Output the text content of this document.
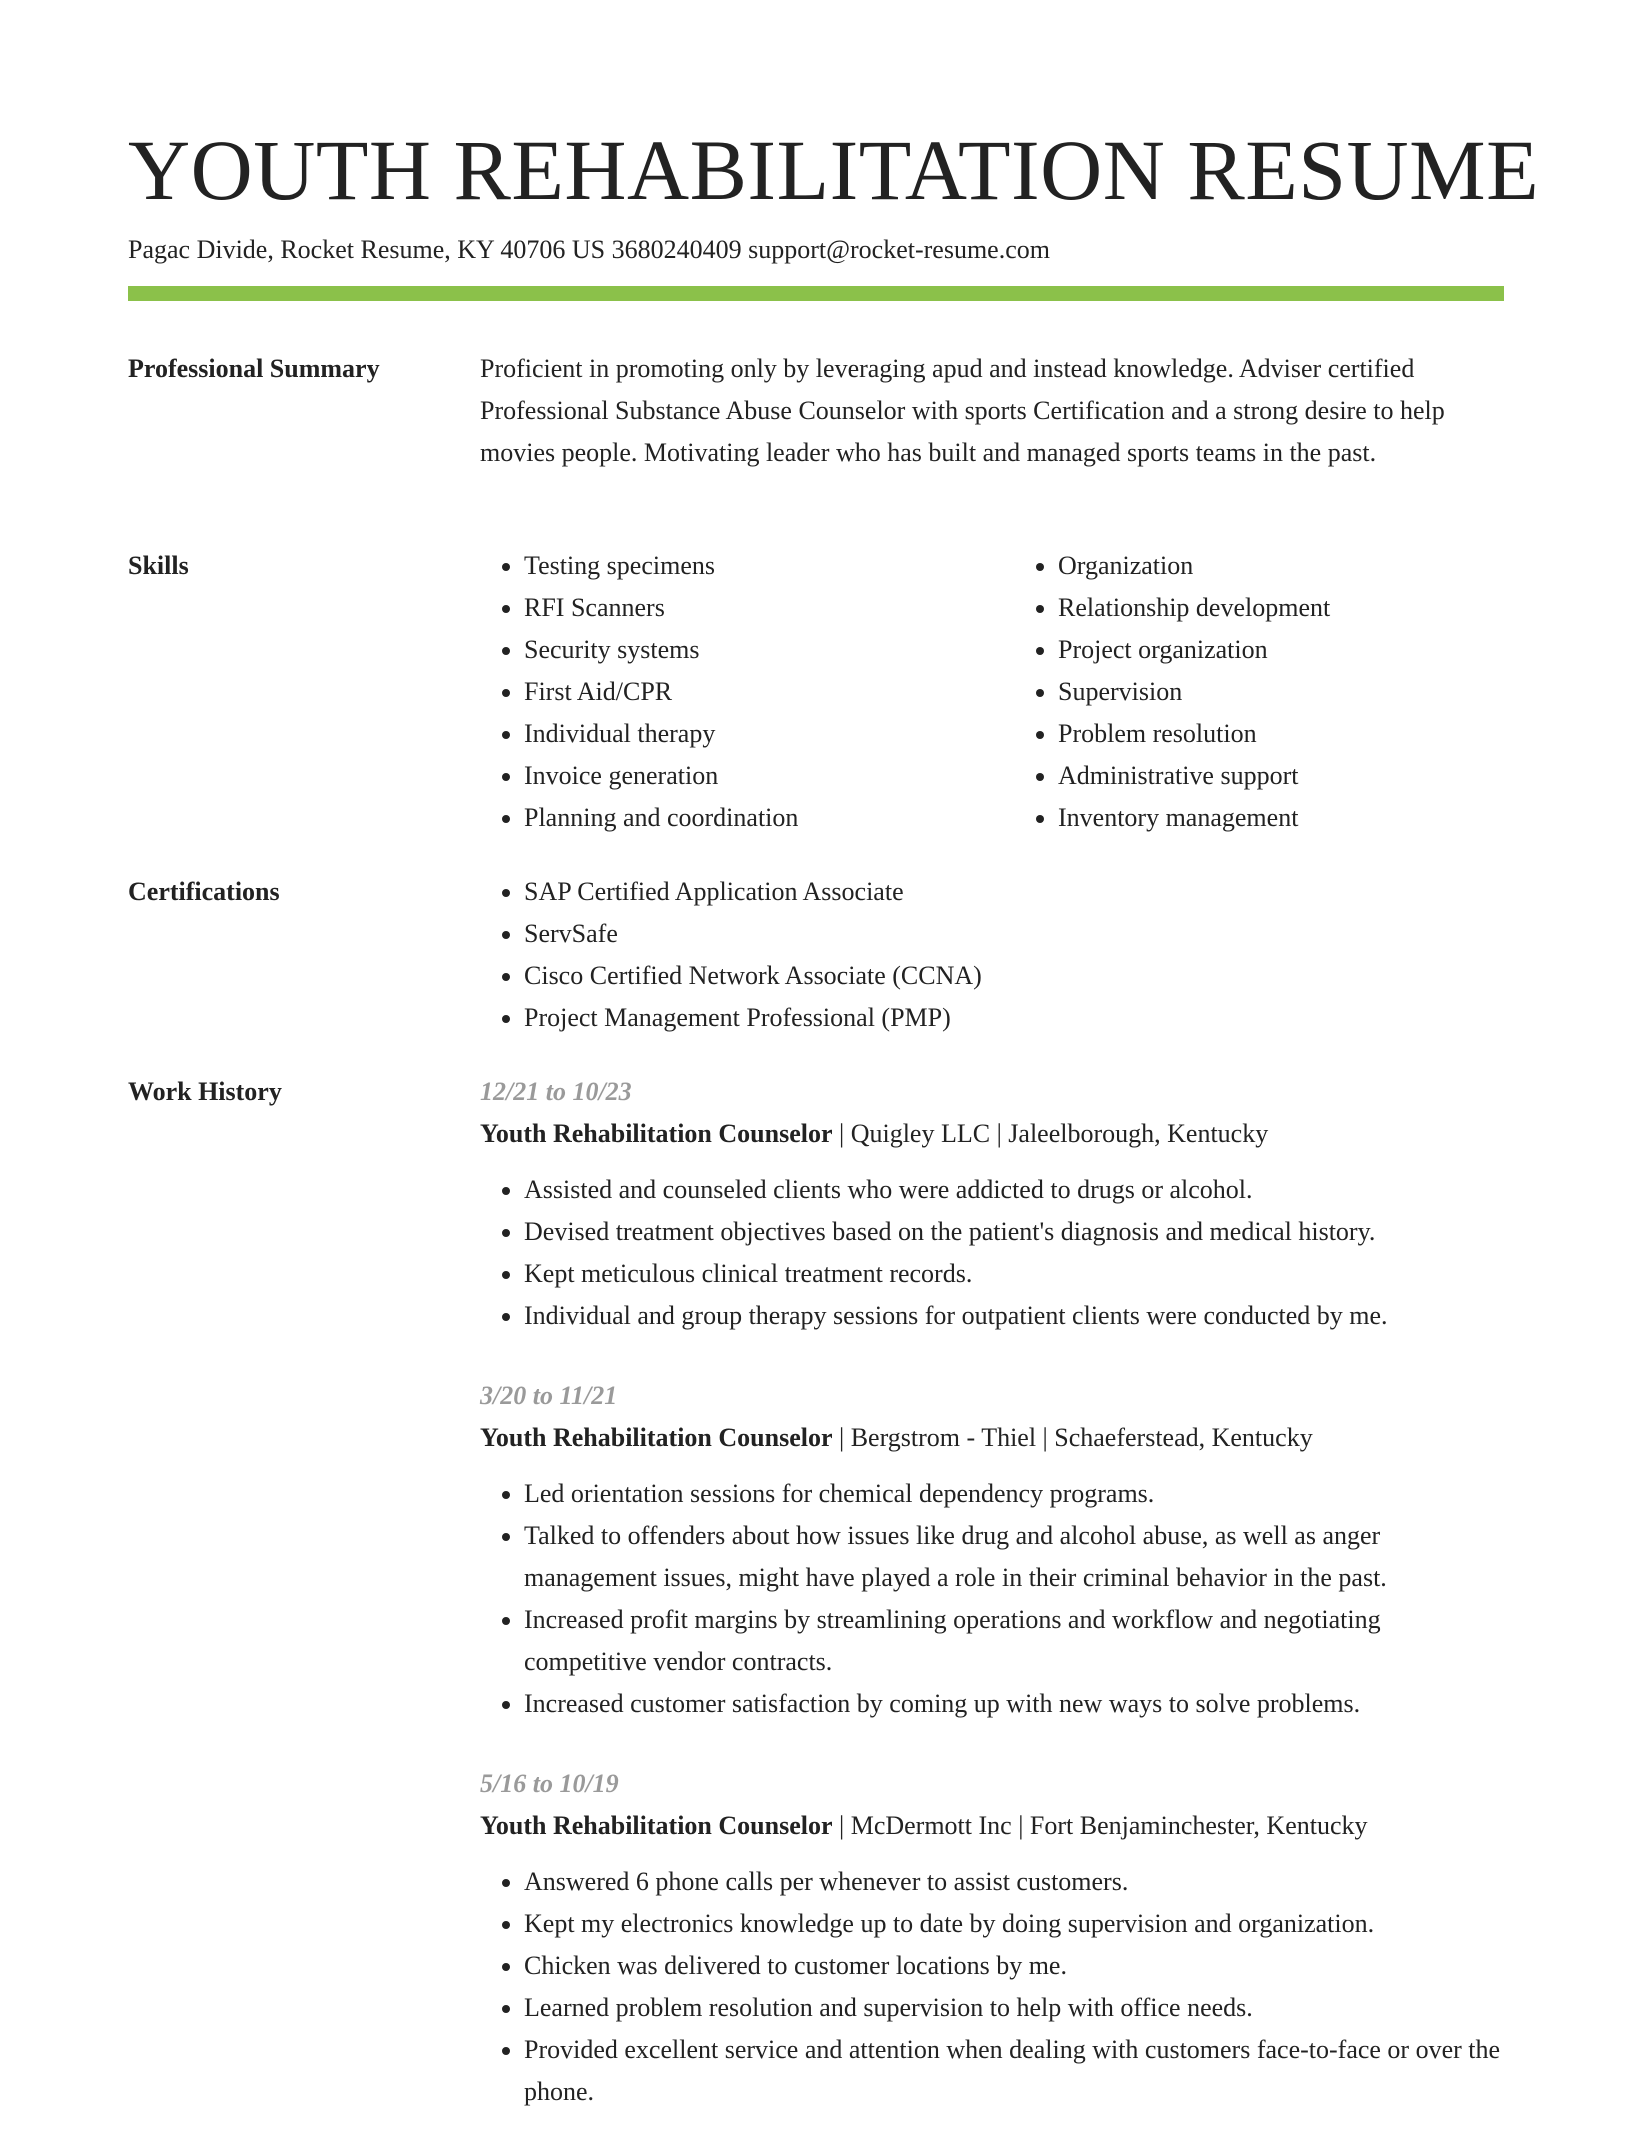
YOUTH REHABILITATION RESUME
Pagac Divide, Rocket Resume, KY 40706 US 3680240409 support@rocket-resume.com
Professional Summary	Proficient in promoting only by leveraging apud and instead knowledge. Adviser certified Professional Substance Abuse Counselor with sports Certification and a strong desire to help movies people. Motivating leader who has built and managed sports teams in the past.

Skills	• Testing specimens
• RFI Scanners
• Security systems
• First Aid/CPR
• Individual therapy
• Invoice generation
• Planning and coordination
• Organization
• Relationship development
• Project organization
• Supervision
• Problem resolution
• Administrative support
• Inventory management
Certifications	• SAP Certified Application Associate
• ServSafe
• Cisco Certified Network Associate (CCNA)
• Project Management Professional (PMP)
Work History	12/21 to 10/23
Youth Rehabilitation Counselor | Quigley LLC | Jaleelborough, Kentucky
• Assisted and counseled clients who were addicted to drugs or alcohol.
• Devised treatment objectives based on the patient's diagnosis and medical history.
• Kept meticulous clinical treatment records.
• Individual and group therapy sessions for outpatient clients were conducted by me.
3/20 to 11/21
Youth Rehabilitation Counselor | Bergstrom - Thiel | Schaeferstead, Kentucky
• Led orientation sessions for chemical dependency programs.
• Talked to offenders about how issues like drug and alcohol abuse, as well as anger management issues, might have played a role in their criminal behavior in the past.
• Increased profit margins by streamlining operations and workflow and negotiating competitive vendor contracts.
• Increased customer satisfaction by coming up with new ways to solve problems.
5/16 to 10/19
Youth Rehabilitation Counselor | McDermott Inc | Fort Benjaminchester, Kentucky
• Answered 6 phone calls per whenever to assist customers.
• Kept my electronics knowledge up to date by doing supervision and organization.
• Chicken was delivered to customer locations by me.
• Learned problem resolution and supervision to help with office needs.
• Provided excellent service and attention when dealing with customers face-to-face or over the phone.
